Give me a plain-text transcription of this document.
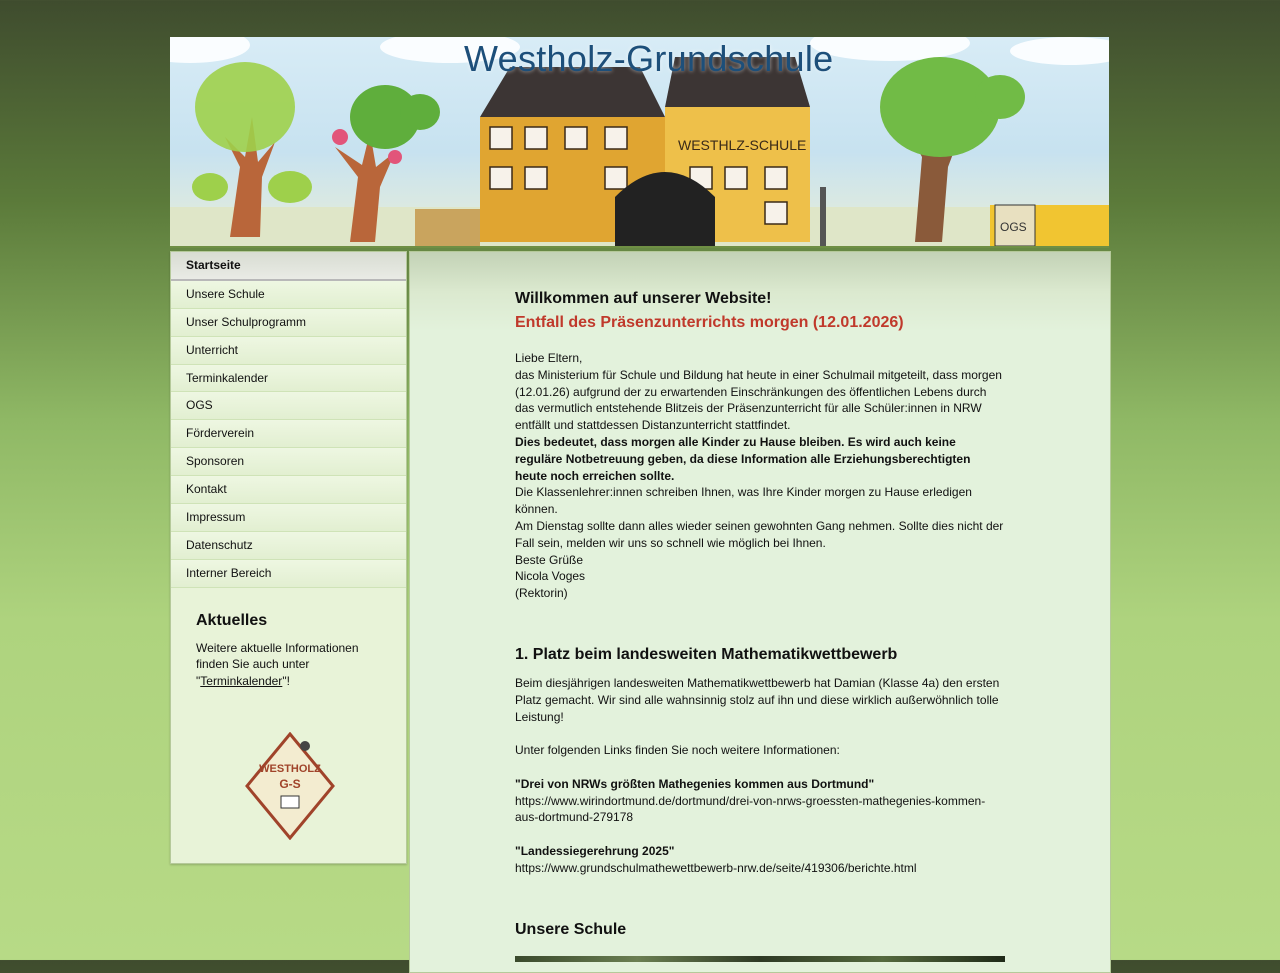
WESTHLZ-SCHULE
OGS
Westholz-Grundschule
Startseite
Unsere Schule
Unser Schulprogramm
Unterricht
Terminkalender
OGS
Förderverein
Sponsoren
Kontakt
Impressum
Datenschutz
Interner Bereich
Aktuelles

Weitere aktuelle Informationen finden Sie auch unter "Terminkalender"!

WESTHOLZ
G-S
Willkommen auf unserer Website!
Entfall des Präsenzunterrichts morgen (12.01.2026)

Liebe Eltern,

das Ministerium für Schule und Bildung hat heute in einer Schulmail mitgeteilt, dass morgen (12.01.26) aufgrund der zu erwartenden Einschränkungen des öffentlichen Lebens durch das vermutlich entstehende Blitzeis der Präsenzunterricht für alle Schüler:innen in NRW entfällt und stattdessen Distanzunterricht stattfindet.

Dies bedeutet, dass morgen alle Kinder zu Hause bleiben. Es wird auch keine reguläre Notbetreuung geben, da diese Information alle Erziehungsberechtigten heute noch erreichen sollte.

Die Klassenlehrer:innen schreiben Ihnen, was Ihre Kinder morgen zu Hause erledigen können.

Am Dienstag sollte dann alles wieder seinen gewohnten Gang nehmen. Sollte dies nicht der Fall sein, melden wir uns so schnell wie möglich bei Ihnen.

Beste Grüße

Nicola Voges

(Rektorin)

1. Platz beim landesweiten Mathematikwettbewerb

Beim diesjährigen landesweiten Mathematikwettbewerb hat Damian (Klasse 4a) den ersten Platz gemacht. Wir sind alle wahnsinnig stolz auf ihn und diese wirklich außerwöhnlich tolle Leistung!

Unter folgenden Links finden Sie noch weitere Informationen:

"Drei von NRWs größten Mathegenies kommen aus Dortmund"

https://www.wirindortmund.de/dortmund/drei-von-nrws-groessten-mathegenies-kommen-aus-dortmund-279178

"Landessiegerehrung 2025"

https://www.grundschulmathewettbewerb-nrw.de/seite/419306/berichte.html

Unsere Schule
